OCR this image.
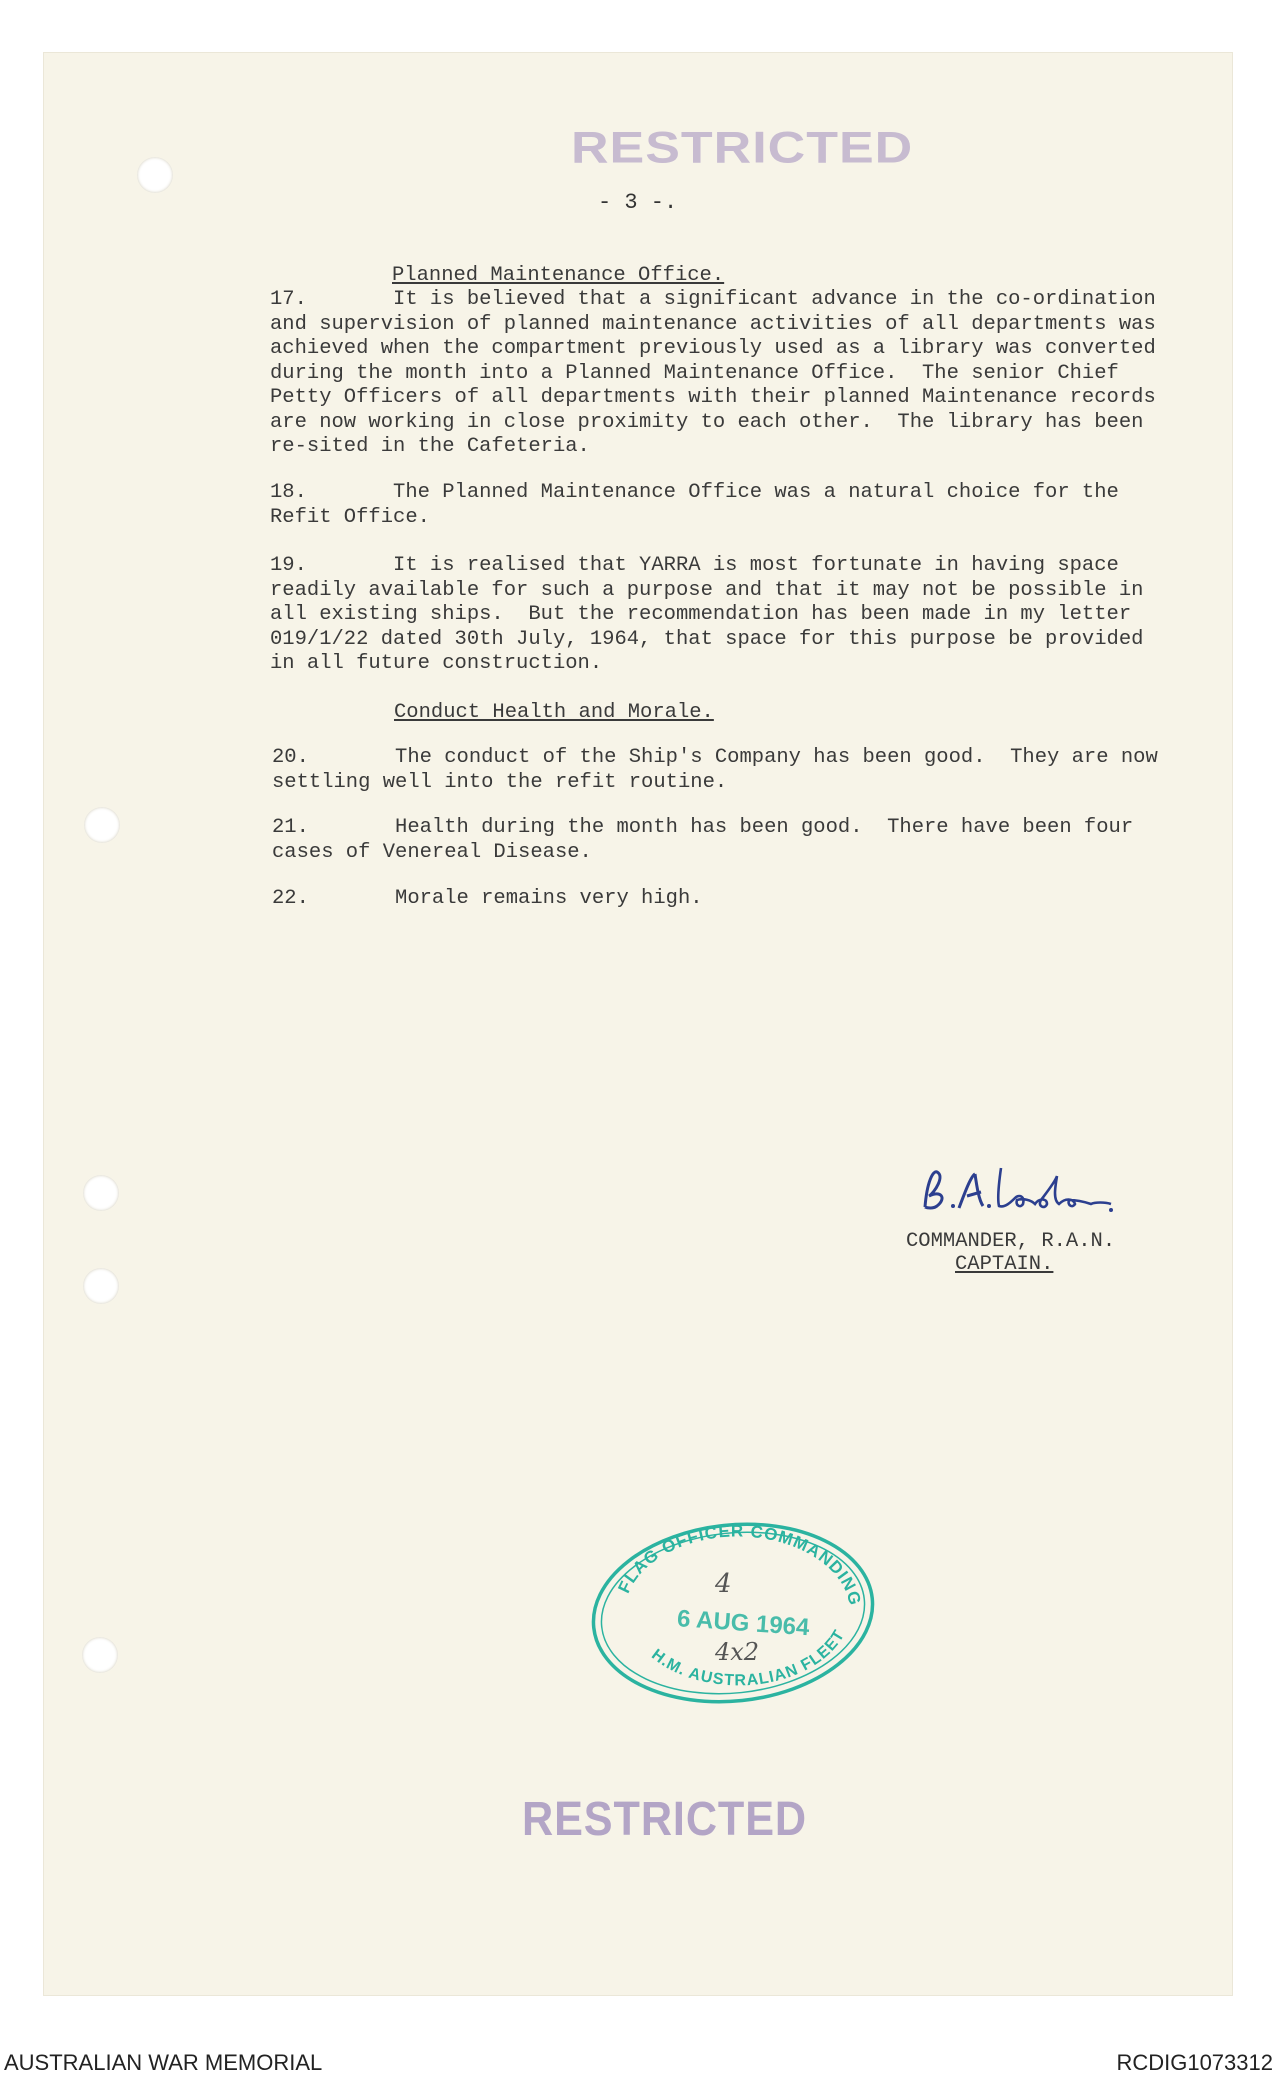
RESTRICTED
- 3 -.
Planned Maintenance Office.
17.       It is believed that a significant advance in the co-ordination
and supervision of planned maintenance activities of all departments was
achieved when the compartment previously used as a library was converted
during the month into a Planned Maintenance Office.  The senior Chief
Petty Officers of all departments with their planned Maintenance records
are now working in close proximity to each other.  The library has been
re-sited in the Cafeteria.
18.       The Planned Maintenance Office was a natural choice for the
Refit Office.
19.       It is realised that YARRA is most fortunate in having space
readily available for such a purpose and that it may not be possible in
all existing ships.  But the recommendation has been made in my letter
019/1/22 dated 30th July, 1964, that space for this purpose be provided
in all future construction.
Conduct Health and Morale.
20.       The conduct of the Ship's Company has been good.  They are now
settling well into the refit routine.
21.       Health during the month has been good.  There have been four
cases of Venereal Disease.
22.       Morale remains very high.
COMMANDER, R.A.N.
CAPTAIN.
FLAG OFFICER COMMANDING
4
6 AUG 1964
4x2
H.M. AUSTRALIAN FLEET
RESTRICTED
AUSTRALIAN WAR MEMORIAL	RCDIG1073312
